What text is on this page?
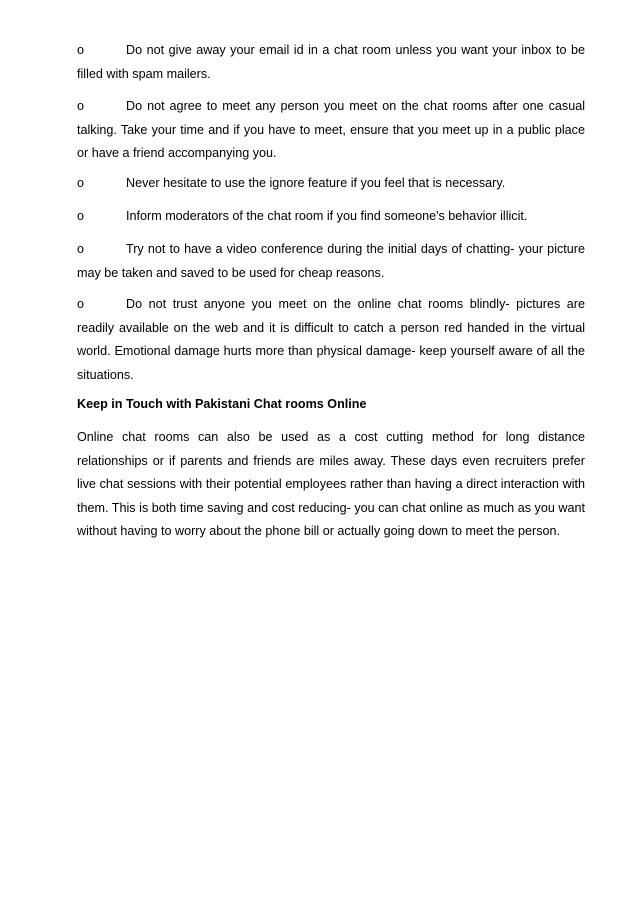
o	Do not give away your email id in a chat room unless you want your inbox to be filled with spam mailers.

o	Do not agree to meet any person you meet on the chat rooms after one casual talking. Take your time and if you have to meet, ensure that you meet up in a public place or have a friend accompanying you.

o	Never hesitate to use the ignore feature if you feel that is necessary.

o	Inform moderators of the chat room if you find someone's behavior illicit.

o	Try not to have a video conference during the initial days of chatting- your picture may be taken and saved to be used for cheap reasons.

o	Do not trust anyone you meet on the online chat rooms blindly- pictures are readily available on the web and it is difficult to catch a person red handed in the virtual world. Emotional damage hurts more than physical damage- keep yourself aware of all the situations.

Keep in Touch with Pakistani Chat rooms Online

Online chat rooms can also be used as a cost cutting method for long distance relationships or if parents and friends are miles away. These days even recruiters prefer live chat sessions with their potential employees rather than having a direct interaction with them. This is both time saving and cost reducing- you can chat online as much as you want without having to worry about the phone bill or actually going down to meet the person.
